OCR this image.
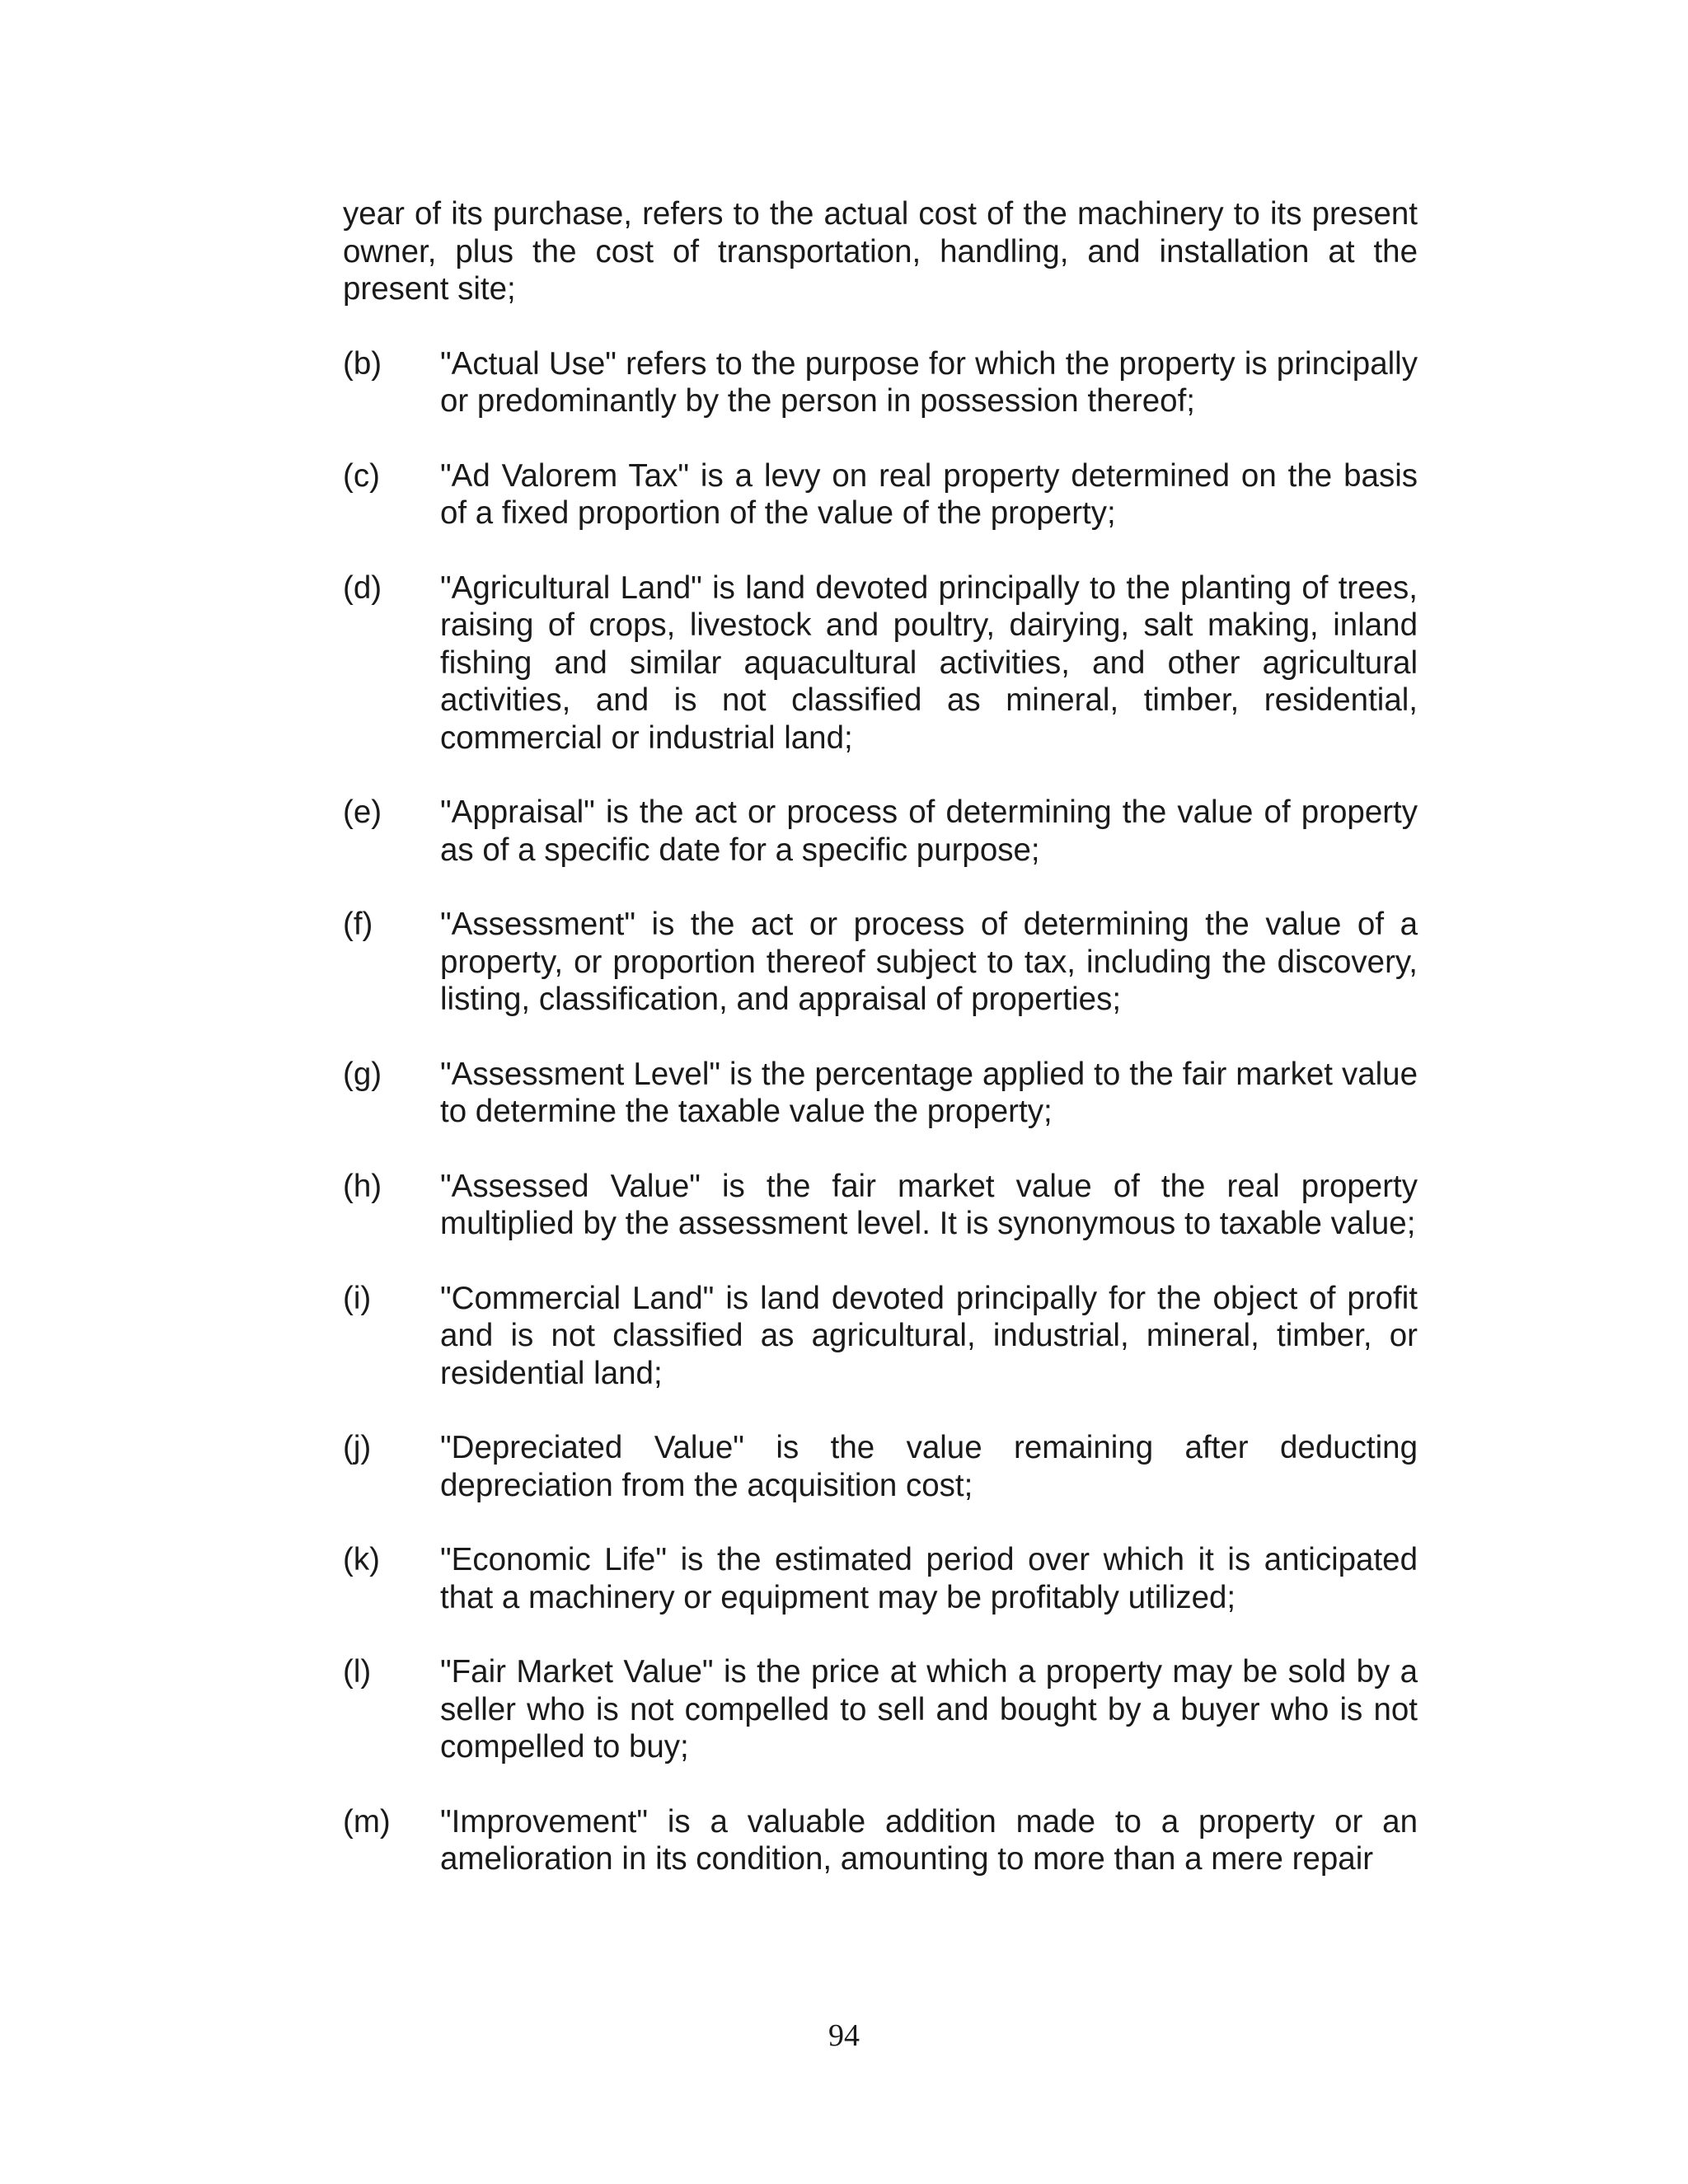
year of its purchase, refers to the actual cost of the machinery to its present owner, plus the cost of transportation, handling, and installation at the present site;

(b)	"Actual Use" refers to the purpose for which the property is principally or predominantly by the person in possession thereof;
(c)	"Ad Valorem Tax" is a levy on real property determined on the basis of a fixed proportion of the value of the property;
(d)	"Agricultural Land" is land devoted principally to the planting of trees, raising of crops, livestock and poultry, dairying, salt making, inland fishing and similar aquacultural activities, and other agricultural activities, and is not classified as mineral, timber, residential, commercial or industrial land;
(e)	"Appraisal" is the act or process of determining the value of property as of a specific date for a specific purpose;
(f)	"Assessment" is the act or process of determining the value of a property, or proportion thereof subject to tax, including the discovery, listing, classification, and appraisal of properties;
(g)	"Assessment Level" is the percentage applied to the fair market value to determine the taxable value the property;
(h)	"Assessed Value" is the fair market value of the real property multiplied by the assessment level. It is synonymous to taxable value;
(i)	"Commercial Land" is land devoted principally for the object of profit and is not classified as agricultural, industrial, mineral, timber, or residential land;
(j)	"Depreciated Value" is the value remaining after deducting depreciation from the acquisition cost;
(k)	"Economic Life" is the estimated period over which it is anticipated that a machinery or equipment may be profitably utilized;
(l)	"Fair Market Value" is the price at which a property may be sold by a seller who is not compelled to sell and bought by a buyer who is not compelled to buy;
(m)	"Improvement" is a valuable addition made to a property or an amelioration in its condition, amounting to more than a mere repair
94
